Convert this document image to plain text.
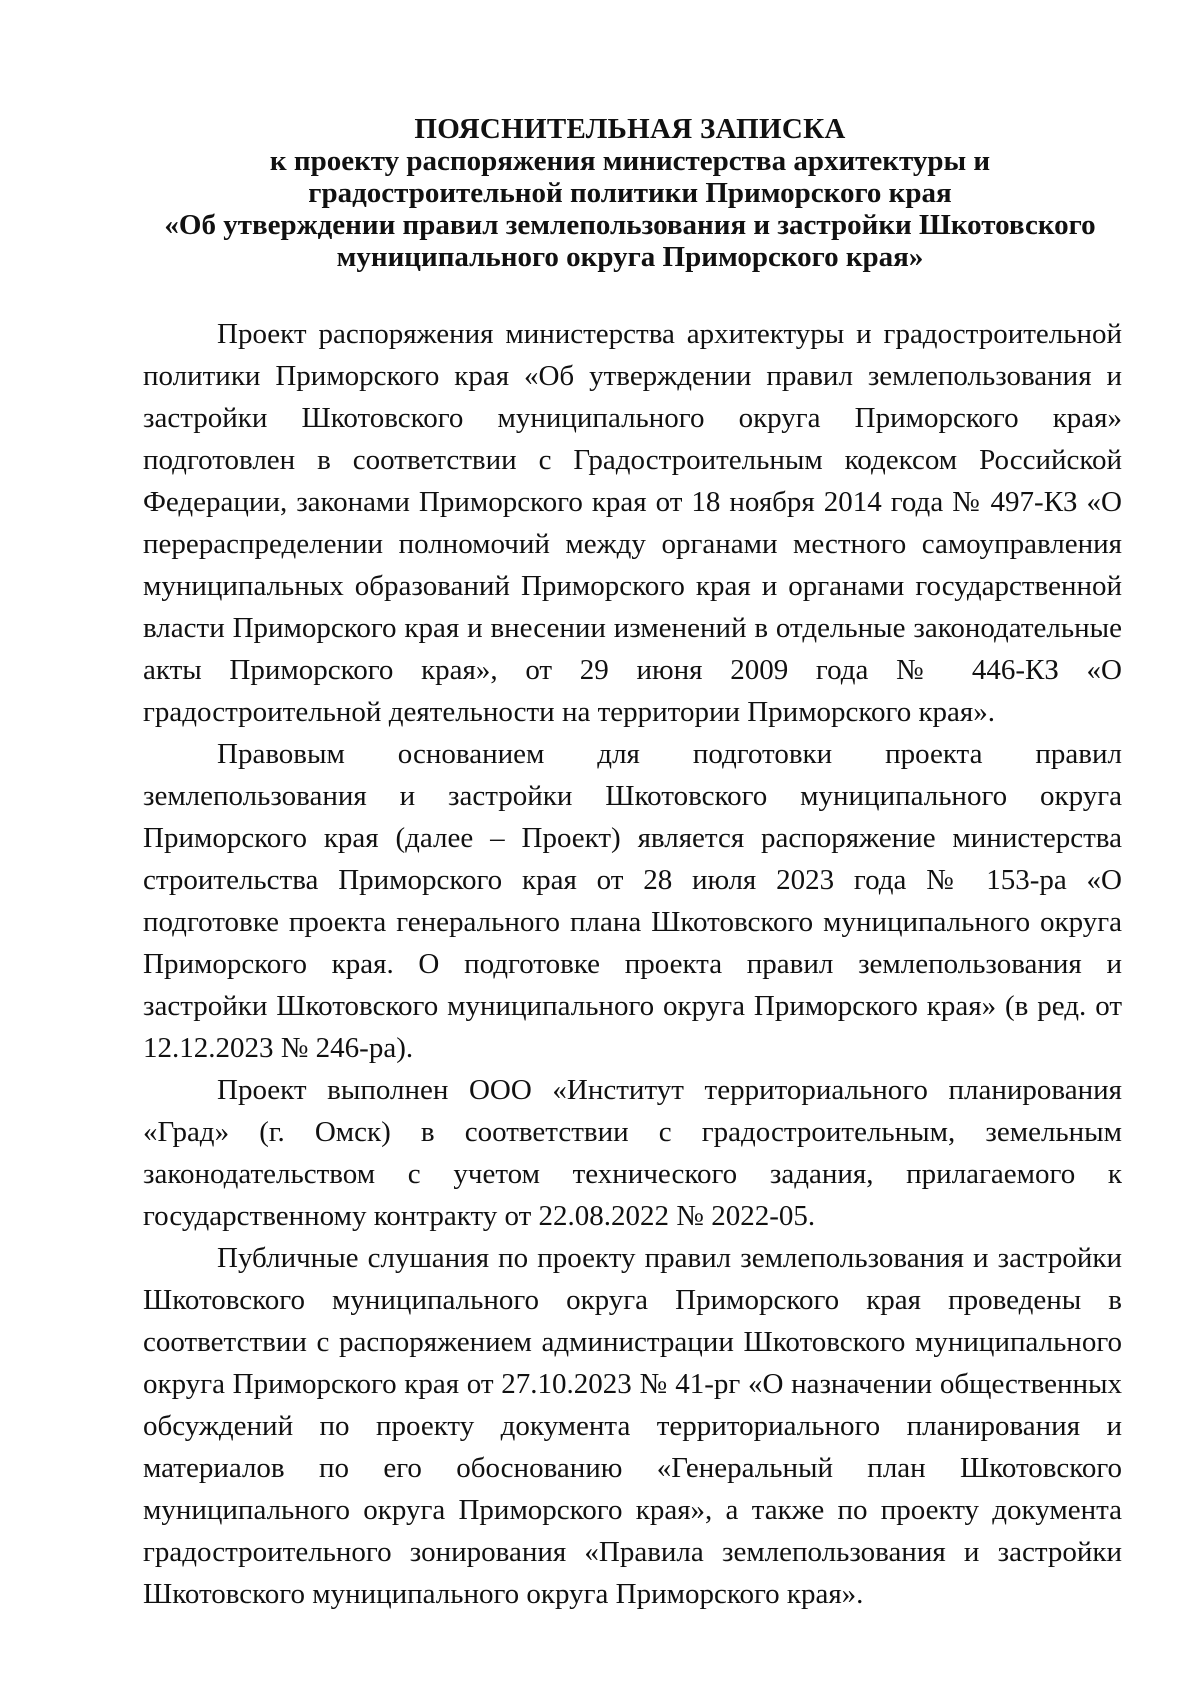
ПОЯСНИТЕЛЬНАЯ ЗАПИСКА
к проекту распоряжения министерства архитектуры и
градостроительной политики Приморского края
«Об утверждении правил землепользования и застройки Шкотовского
муниципального округа Приморского края»

Проект распоряжения министерства архитектуры и градостроительной политики Приморского края «Об утверждении правил землепользования и застройки Шкотовского муниципального округа Приморского края» подготовлен в соответствии с Градостроительным кодексом Российской Федерации, законами Приморского края от 18 ноября 2014 года № 497-КЗ «О перераспределении полномочий между органами местного самоуправления муниципальных образований Приморского края и органами государственной власти Приморского края и внесении изменений в отдельные законодательные акты Приморского края», от 29 июня 2009 года № 446-КЗ «О градостроительной деятельности на территории Приморского края».

Правовым основанием для подготовки проекта правил землепользования и застройки Шкотовского муниципального округа Приморского края (далее – Проект) является распоряжение министерства строительства Приморского края от 28 июля 2023 года № 153-ра «О подготовке проекта генерального плана Шкотовского муниципального округа Приморского края. О подготовке проекта правил землепользования и застройки Шкотовского муниципального округа Приморского края» (в ред. от 12.12.2023 № 246-ра).

Проект выполнен ООО «Институт территориального планирования «Град» (г. Омск) в соответствии с градостроительным, земельным законодательством с учетом технического задания, прилагаемого к государственному контракту от 22.08.2022 № 2022-05.

Публичные слушания по проекту правил землепользования и застройки Шкотовского муниципального округа Приморского края проведены в соответствии с распоряжением администрации Шкотовского муниципального округа Приморского края от 27.10.2023 № 41-рг «О назначении общественных обсуждений по проекту документа территориального планирования и материалов по его обоснованию «Генеральный план Шкотовского муниципального округа Приморского края», а также по проекту документа градостроительного зонирования «Правила землепользования и застройки Шкотовского муниципального округа Приморского края».
